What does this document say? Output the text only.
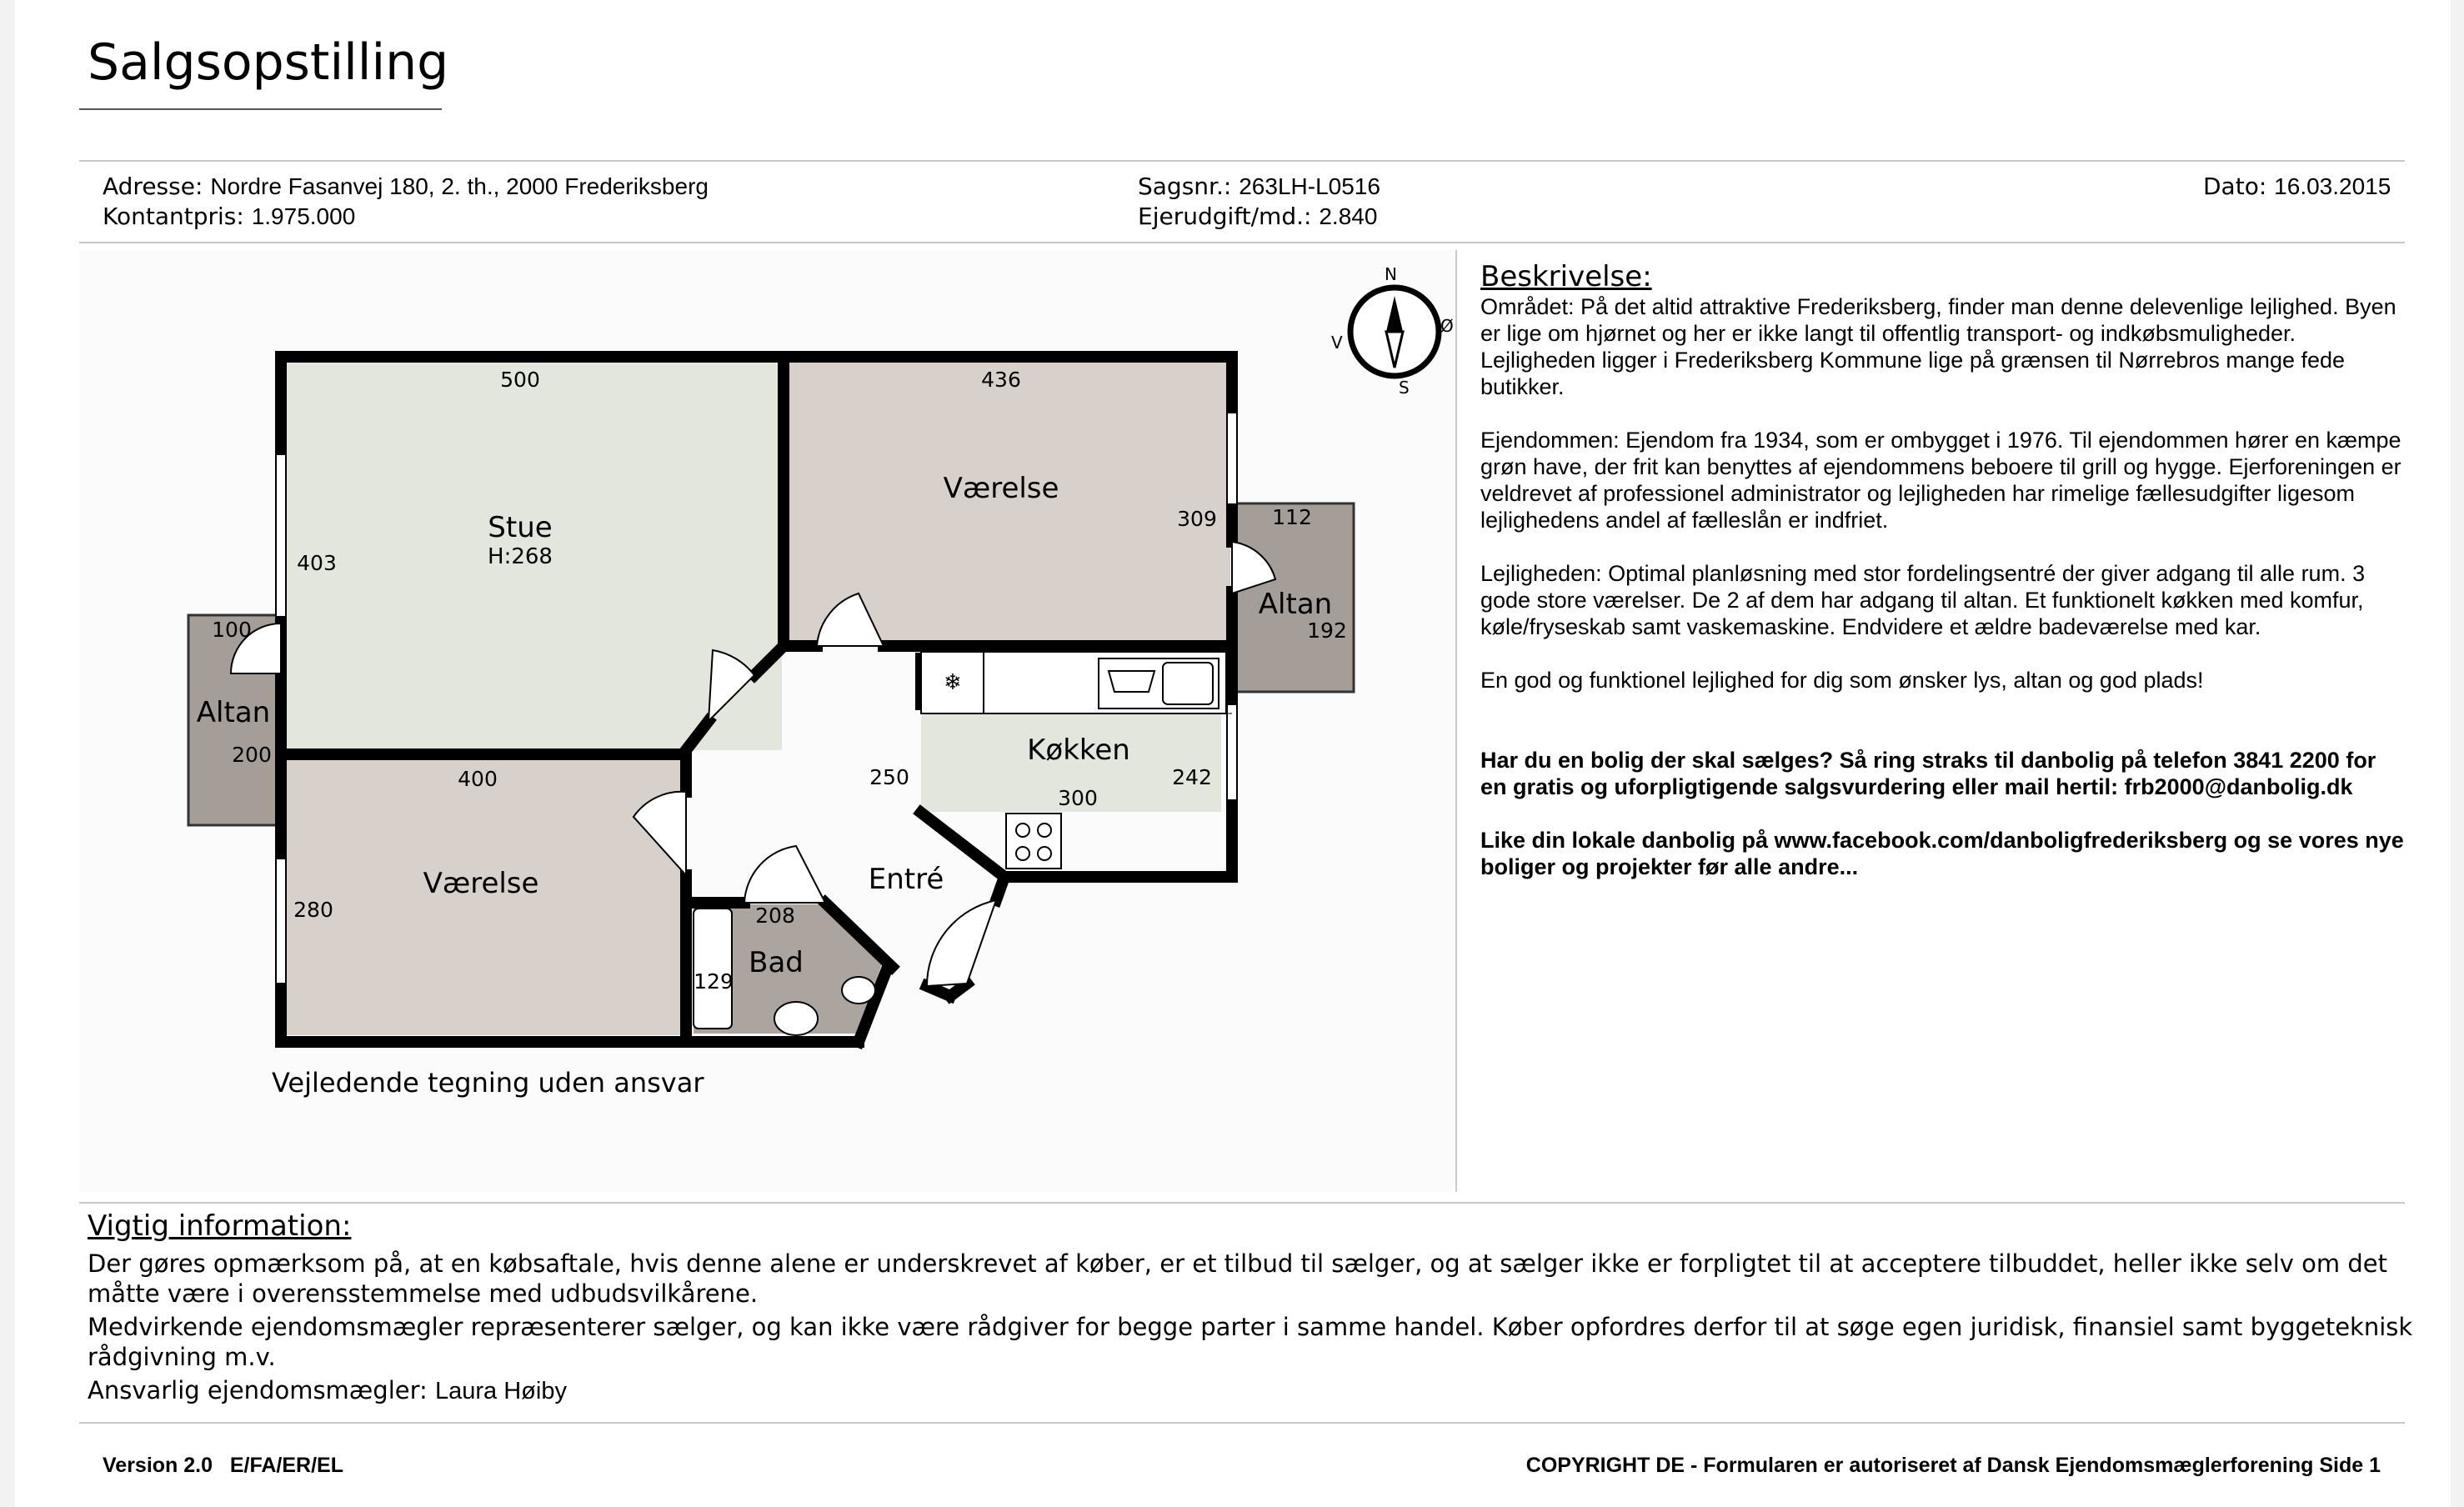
Salgsopstilling
Adresse: Nordre Fasanvej 180, 2. th., 2000 Frederiksberg
Kontantpris: 1.975.000
Sagsnr.: 263LH-L0516
Ejerudgift/md.: 2.840
Dato: 16.03.2015
❄
N
S
V
Ø
Stue
H:268
Værelse
Værelse
Altan
Altan
Køkken
Entré
Bad
500	436
403
309	112
192
100
200
400
280
250	242
300
208
129
Vejledende tegning uden ansvar
Beskrivelse:

Området: På det altid attraktive Frederiksberg, finder man denne delevenlige lejlighed. Byen er lige om hjørnet og her er ikke langt til offentlig transport- og indkøbsmuligheder. Lejligheden ligger i Frederiksberg Kommune lige på grænsen til Nørrebros mange fede butikker.

Ejendommen: Ejendom fra 1934, som er ombygget i 1976. Til ejendommen hører en kæmpe grøn have, der frit kan benyttes af ejendommens beboere til grill og hygge. Ejerforeningen er veldrevet af professionel administrator og lejligheden har rimelige fællesudgifter ligesom lejlighedens andel af fælleslån er indfriet.

Lejligheden: Optimal planløsning med stor fordelingsentré der giver adgang til alle rum. 3 gode store værelser. De 2 af dem har adgang til altan. Et funktionelt køkken med komfur, køle/fryseskab samt vaskemaskine. Endvidere et ældre badeværelse med kar.

En god og funktionel lejlighed for dig som ønsker lys, altan og god plads!

Har du en bolig der skal sælges? Så ring straks til danbolig på telefon 3841 2200 for en gratis og uforpligtigende salgsvurdering eller mail hertil: frb2000@danbolig.dk

Like din lokale danbolig på www.facebook.com/danboligfrederiksberg og se vores nye boliger og projekter før alle andre...

Vigtig information:

Der gøres opmærksom på, at en købsaftale, hvis denne alene er underskrevet af køber, er et tilbud til sælger, og at sælger ikke er forpligtet til at acceptere tilbuddet, heller ikke selv om det måtte være i overensstemmelse med udbudsvilkårene.

Medvirkende ejendomsmægler repræsenterer sælger, og kan ikke være rådgiver for begge parter i samme handel. Køber opfordres derfor til at søge egen juridisk, finansiel samt byggeteknisk rådgivning m.v.

Ansvarlig ejendomsmægler: Laura Høiby

Version 2.0   E/FA/ER/EL	COPYRIGHT DE - Formularen er autoriseret af Dansk Ejendomsmæglerforening Side 1
